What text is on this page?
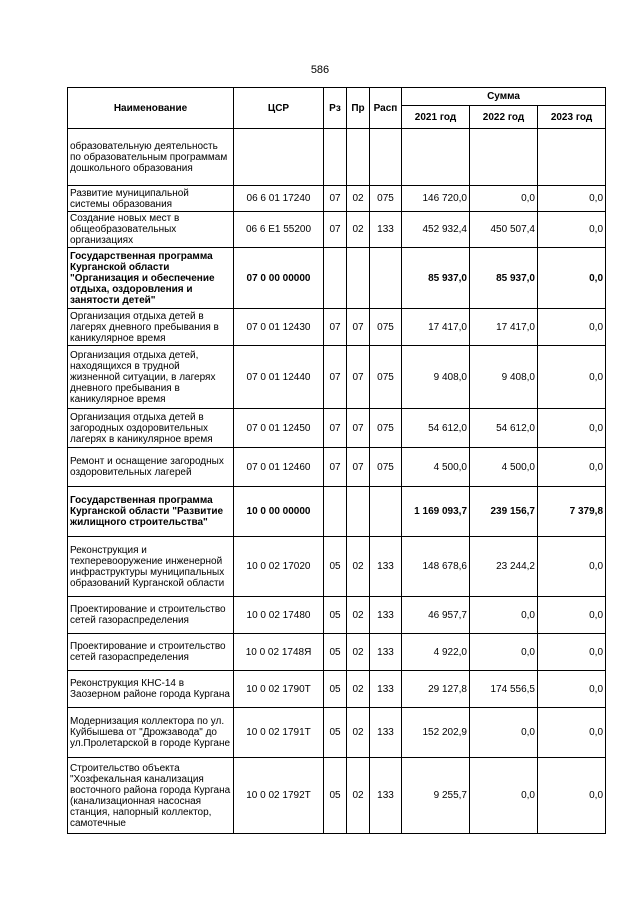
586
Наименование	ЦСР	Рз	Пр	Расп	Сумма		
					2021 год	2022 год	2023 год
образовательную деятельность по образовательным программам дошкольного образования							
Развитие муниципальной системы образования	06 6 01 17240	07	02	075	146 720,0	0,0	0,0
Создание новых мест в общеобразовательных организациях	06 6 E1 55200	07	02	133	452 932,4	450 507,4	0,0
Государственная программа Курганской области "Организация и обеспечение отдыха, оздоровления и занятости детей"	07 0 00 00000				85 937,0	85 937,0	0,0
Организация отдыха детей в лагерях дневного пребывания в каникулярное время	07 0 01 12430	07	07	075	17 417,0	17 417,0	0,0
Организация отдыха детей, находящихся в трудной жизненной ситуации, в лагерях дневного пребывания в каникулярное время	07 0 01 12440	07	07	075	9 408,0	9 408,0	0,0
Организация отдыха детей в загородных оздоровительных лагерях в каникулярное время	07 0 01 12450	07	07	075	54 612,0	54 612,0	0,0
Ремонт и оснащение загородных оздоровительных лагерей	07 0 01 12460	07	07	075	4 500,0	4 500,0	0,0
Государственная программа Курганской области "Развитие жилищного строительства"	10 0 00 00000				1 169 093,7	239 156,7	7 379,8
Реконструкция и техперевооружение инженерной инфраструктуры муниципальных образований Курганской области	10 0 02 17020	05	02	133	148 678,6	23 244,2	0,0
Проектирование и строительство сетей газораспределения	10 0 02 17480	05	02	133	46 957,7	0,0	0,0
Проектирование и строительство сетей газораспределения	10 0 02 1748Я	05	02	133	4 922,0	0,0	0,0
Реконструкция КНС-14 в Заозерном районе города Кургана	10 0 02 1790Т	05	02	133	29 127,8	174 556,5	0,0
Модернизация коллектора по ул. Куйбышева от "Дрожзавода" до ул.Пролетарской в городе Кургане	10 0 02 1791Т	05	02	133	152 202,9	0,0	0,0
Строительство объекта "Хозфекальная канализация восточного района города Кургана (канализационная насосная станция, напорный коллектор, самотечные	10 0 02 1792Т	05	02	133	9 255,7	0,0	0,0
